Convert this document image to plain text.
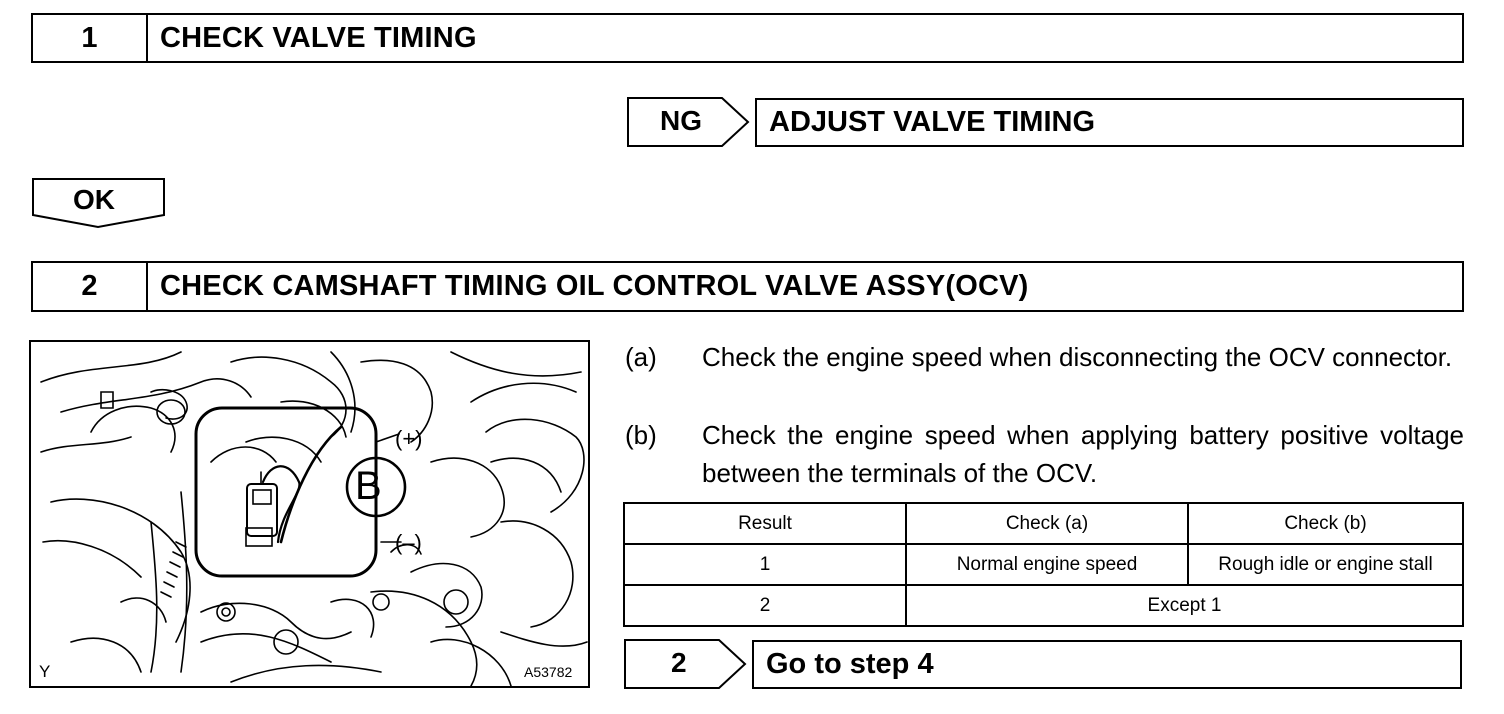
1	CHECK VALVE TIMING
NG ADJUST VALVE TIMING
OK
2	CHECK CAMSHAFT TIMING OIL CONTROL VALVE ASSY(OCV)
B
(+)
(–)
Y	A53782
(a) Check the engine speed when disconnecting the OCV connector.
(b) Check the engine speed when applying battery positive voltage between the terminals of the OCV.
Result	Check (a)	Check (b)
1	Normal engine speed	Rough idle or engine stall
2	Except 1	
2	Go to step 4
